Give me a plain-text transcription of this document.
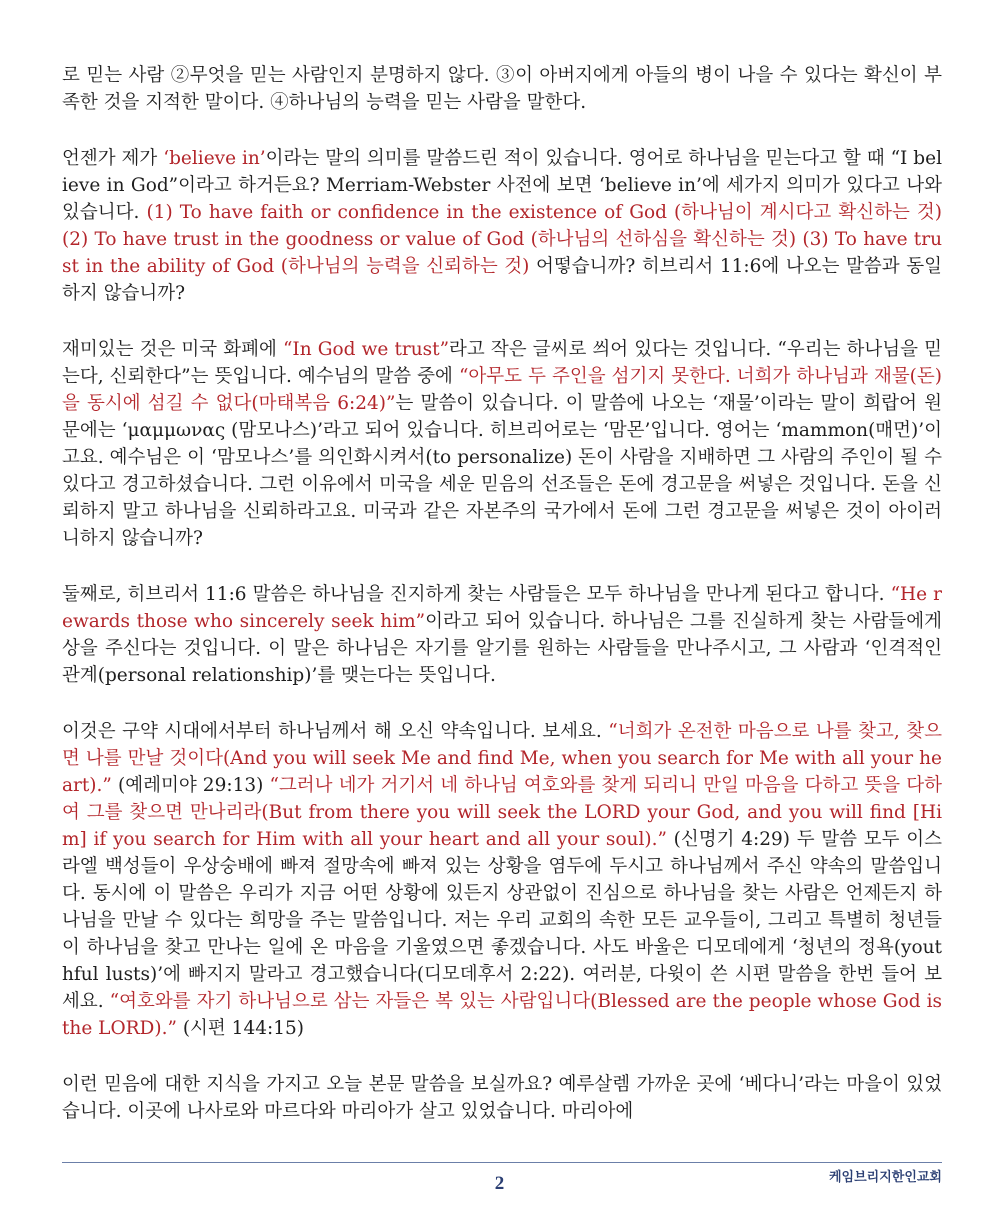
로 믿는 사람 ②무엇을 믿는 사람인지 분명하지 않다. ③이 아버지에게 아들의 병이 나을 수 있다는 확신이 부족한 것을 지적한 말이다. ④하나님의 능력을 믿는 사람을 말한다.

언젠가 제가 ‘believe in’이라는 말의 의미를 말씀드린 적이 있습니다. 영어로 하나님을 믿는다고 할 때 “I believe in God”이라고 하거든요? Merriam-Webster 사전에 보면 ‘believe in’에 세가지 의미가 있다고 나와 있습니다. (1) To have faith or confidence in the existence of God (하나님이 계시다고 확신하는 것) (2) To have trust in the goodness or value of God (하나님의 선하심을 확신하는 것) (3) To have trust in the ability of God (하나님의 능력을 신뢰하는 것) 어떻습니까? 히브리서 11:6에 나오는 말씀과 동일하지 않습니까?

재미있는 것은 미국 화폐에 “In God we trust”라고 작은 글씨로 씌어 있다는 것입니다. “우리는 하나님을 믿는다, 신뢰한다”는 뜻입니다. 예수님의 말씀 중에 “아무도 두 주인을 섬기지 못한다. 너희가 하나님과 재물(돈)을 동시에 섬길 수 없다(마태복음 6:24)”는 말씀이 있습니다. 이 말씀에 나오는 ‘재물’이라는 말이 희랍어 원문에는 ‘μαμμωνας (맘모나스)’라고 되어 있습니다. 히브리어로는 ‘맘몬’입니다. 영어는 ‘mammon(매먼)’이고요. 예수님은 이 ‘맘모나스’를 의인화시켜서(to personalize) 돈이 사람을 지배하면 그 사람의 주인이 될 수 있다고 경고하셨습니다. 그런 이유에서 미국을 세운 믿음의 선조들은 돈에 경고문을 써넣은 것입니다. 돈을 신뢰하지 말고 하나님을 신뢰하라고요. 미국과 같은 자본주의 국가에서 돈에 그런 경고문을 써넣은 것이 아이러니하지 않습니까?

둘째로, 히브리서 11:6 말씀은 하나님을 진지하게 찾는 사람들은 모두 하나님을 만나게 된다고 합니다. “He rewards those who sincerely seek him”이라고 되어 있습니다. 하나님은 그를 진실하게 찾는 사람들에게 상을 주신다는 것입니다. 이 말은 하나님은 자기를 알기를 원하는 사람들을 만나주시고, 그 사람과 ‘인격적인 관계(personal relationship)’를 맺는다는 뜻입니다.

이것은 구약 시대에서부터 하나님께서 해 오신 약속입니다. 보세요. “너희가 온전한 마음으로 나를 찾고, 찾으면 나를 만날 것이다(And you will seek Me and find Me, when you search for Me with all your heart).” (예레미야 29:13) “그러나 네가 거기서 네 하나님 여호와를 찾게 되리니 만일 마음을 다하고 뜻을 다하여 그를 찾으면 만나리라(But from there you will seek the LORD your God, and you will find [Him] if you search for Him with all your heart and all your soul).” (신명기 4:29) 두 말씀 모두 이스라엘 백성들이 우상숭배에 빠져 절망속에 빠져 있는 상황을 염두에 두시고 하나님께서 주신 약속의 말씀입니다. 동시에 이 말씀은 우리가 지금 어떤 상황에 있든지 상관없이 진심으로 하나님을 찾는 사람은 언제든지 하나님을 만날 수 있다는 희망을 주는 말씀입니다. 저는 우리 교회의 속한 모든 교우들이, 그리고 특별히 청년들이 하나님을 찾고 만나는 일에 온 마음을 기울였으면 좋겠습니다. 사도 바울은 디모데에게 ‘청년의 정욕(youthful lusts)’에 빠지지 말라고 경고했습니다(디모데후서 2:22). 여러분, 다윗이 쓴 시편 말씀을 한번 들어 보세요. “여호와를 자기 하나님으로 삼는 자들은 복 있는 사람입니다(Blessed are the people whose God is the LORD).” (시편 144:15)

이런 믿음에 대한 지식을 가지고 오늘 본문 말씀을 보실까요? 예루살렘 가까운 곳에 ‘베다니’라는 마을이 있었습니다. 이곳에 나사로와 마르다와 마리아가 살고 있었습니다. 마리아에

2	케임브리지한인교회
